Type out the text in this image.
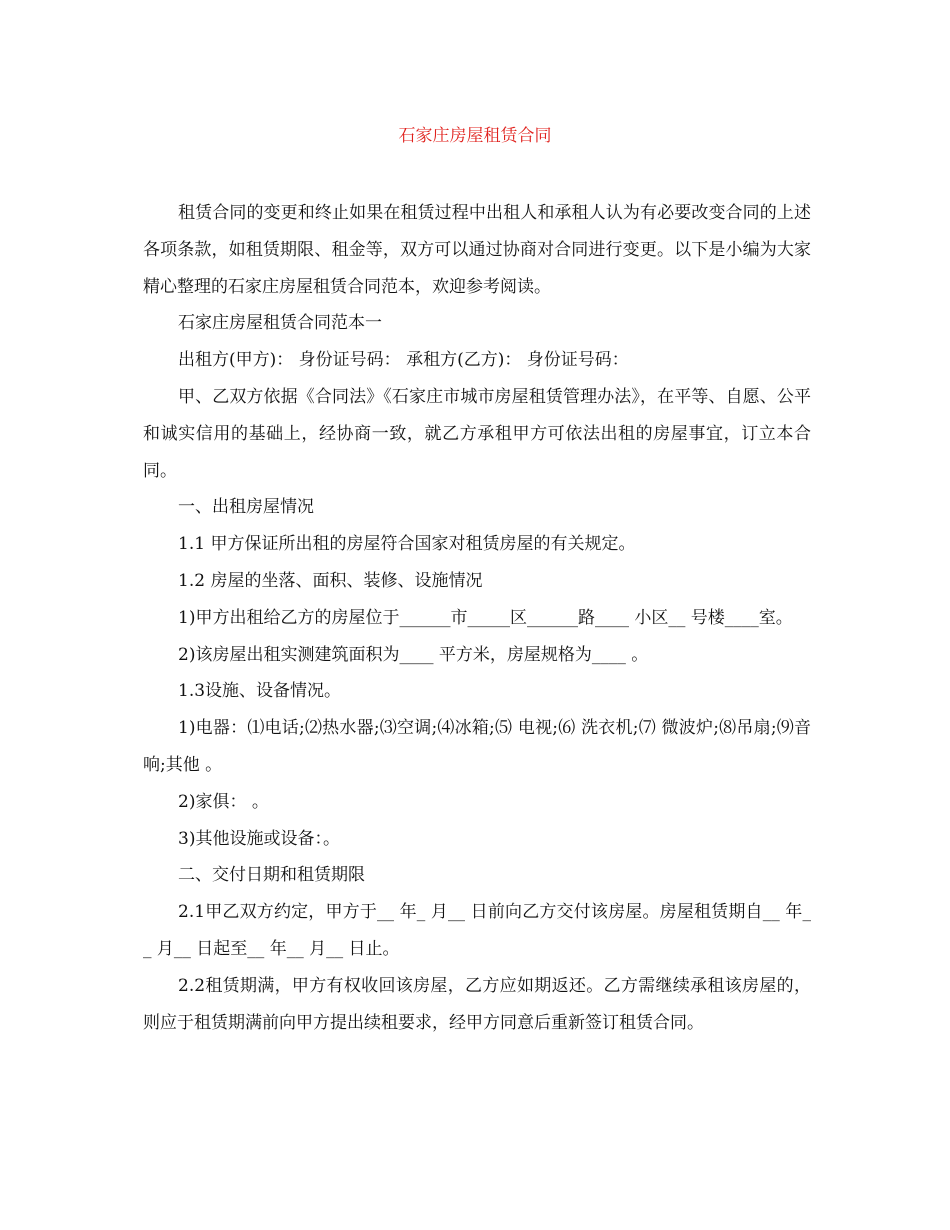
石家庄房屋租赁合同

租赁合同的变更和终止如果在租赁过程中出租人和承租人认为有必要改变合同的上述各项条款，如租赁期限、租金等，双方可以通过协商对合同进行变更。以下是小编为大家精心整理的石家庄房屋租赁合同范本，欢迎参考阅读。

石家庄房屋租赁合同范本一

出租方(甲方)： 身份证号码： 承租方(乙方)： 身份证号码：

甲、乙双方依据《合同法》《石家庄市城市房屋租赁管理办法》，在平等、自愿、公平和诚实信用的基础上，经协商一致，就乙方承租甲方可依法出租的房屋事宜，订立本合同。

一、出租房屋情况

1.1 甲方保证所出租的房屋符合国家对租赁房屋的有关规定。

1.2 房屋的坐落、面积、装修、设施情况

1)甲方出租给乙方的房屋位于______市_____区______路____ 小区__ 号楼____室。

2)该房屋出租实测建筑面积为____ 平方米，房屋规格为____ 。

1.3设施、设备情况。

1)电器：⑴电话;⑵热水器;⑶空调;⑷冰箱;⑸ 电视;⑹ 洗衣机;⑺ 微波炉;⑻吊扇;⑼音响;其他 。

2)家俱： 。

3)其他设施或设备：。

二、交付日期和租赁期限

2.1甲乙双方约定，甲方于__ 年_ 月__ 日前向乙方交付该房屋。房屋租赁期自__ 年__ 月__ 日起至__ 年__ 月__ 日止。

2.2租赁期满，甲方有权收回该房屋，乙方应如期返还。乙方需继续承租该房屋的，则应于租赁期满前向甲方提出续租要求，经甲方同意后重新签订租赁合同。
